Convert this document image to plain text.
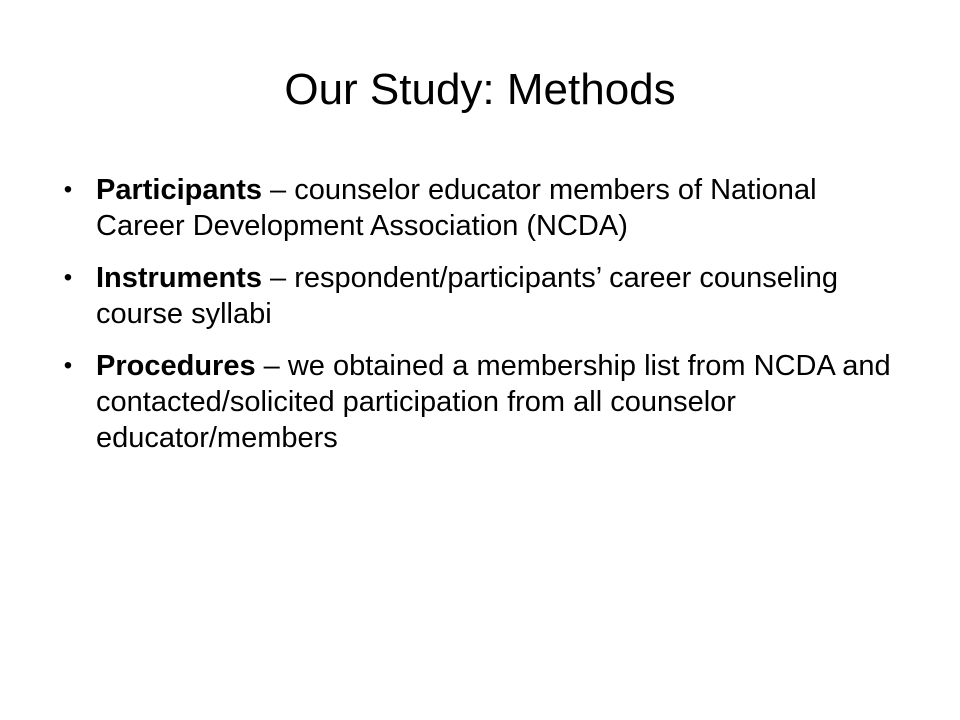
Our Study: Methods
• Participants – counselor educator members of National Career Development Association (NCDA)
• Instruments – respondent/participants’ career counseling course syllabi
• Procedures – we obtained a membership list from NCDA and contacted/solicited participation from all counselor educator/members
